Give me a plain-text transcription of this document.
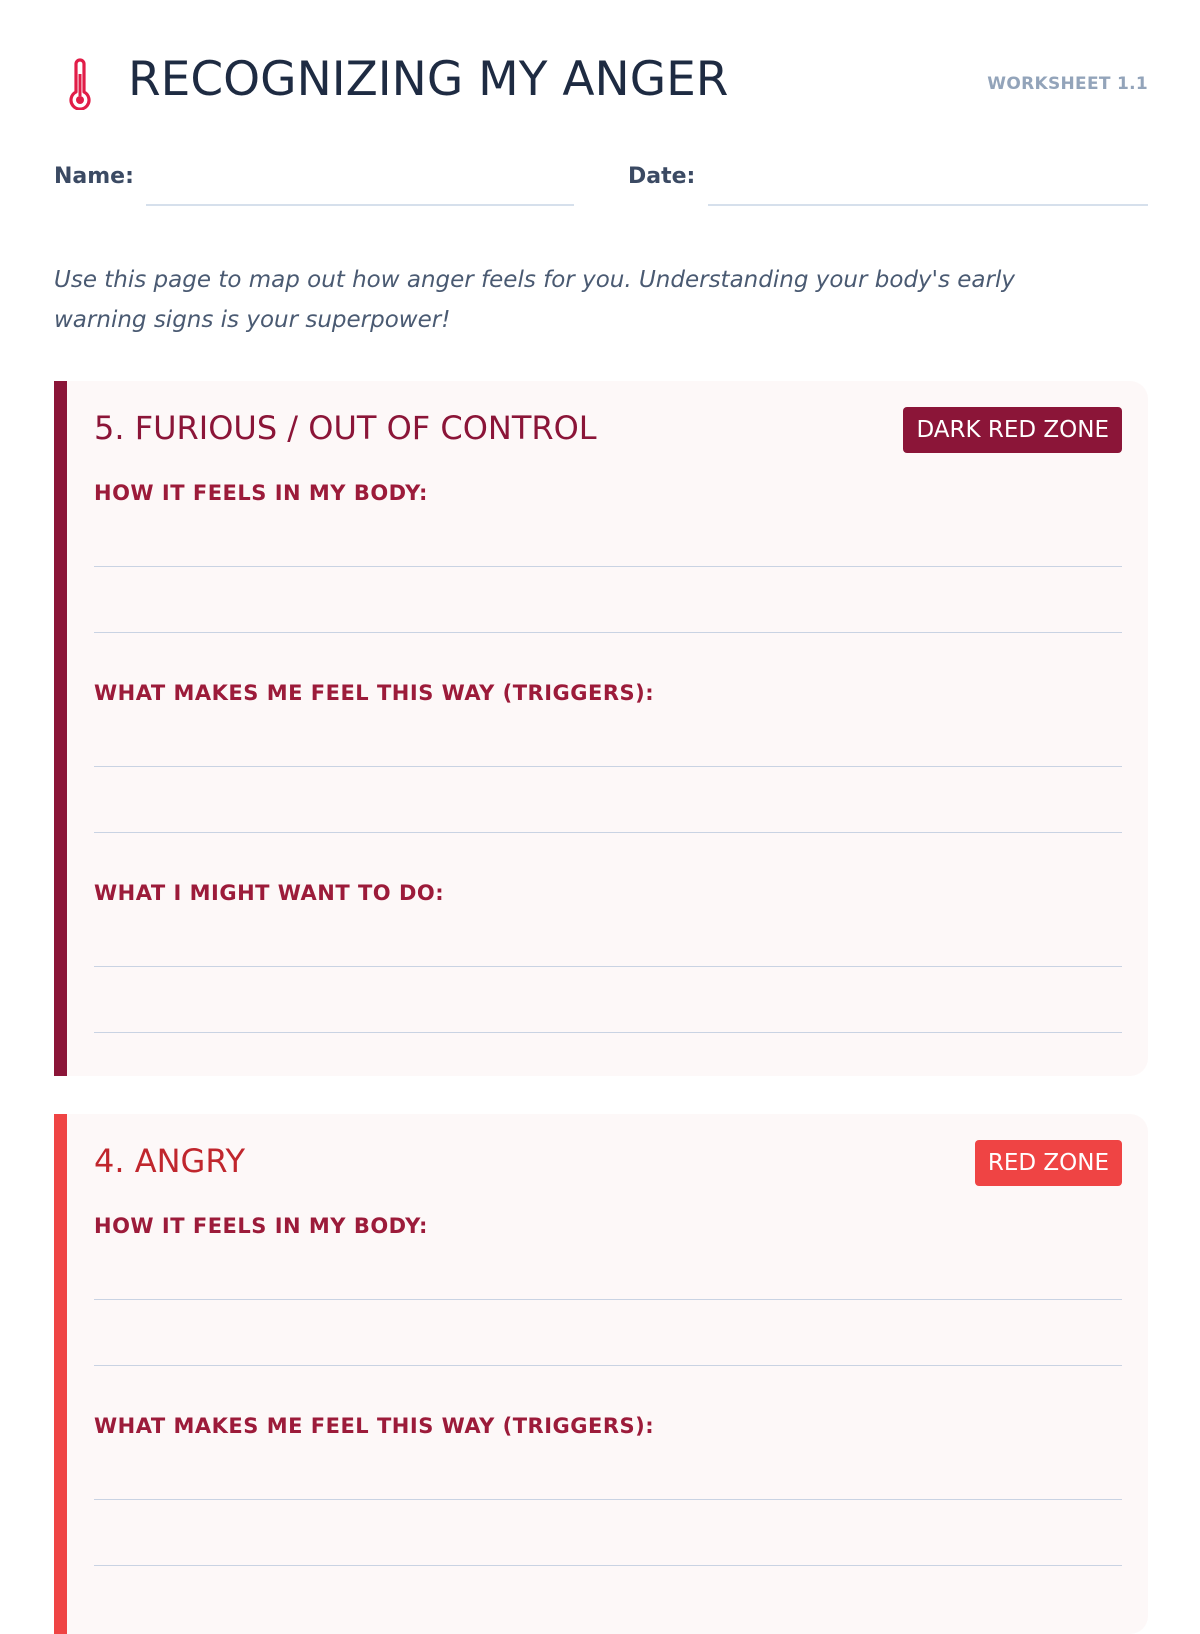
RECOGNIZING MY ANGER	WORKSHEET 1.1
Name:	Date:
Use this page to map out how anger feels for you. Understanding your body's early warning signs is your superpower!
5. FURIOUS / OUT OF CONTROL	DARK RED ZONE
HOW IT FEELS IN MY BODY:
WHAT MAKES ME FEEL THIS WAY (TRIGGERS):
WHAT I MIGHT WANT TO DO:
4. ANGRY	RED ZONE
HOW IT FEELS IN MY BODY:
WHAT MAKES ME FEEL THIS WAY (TRIGGERS):
